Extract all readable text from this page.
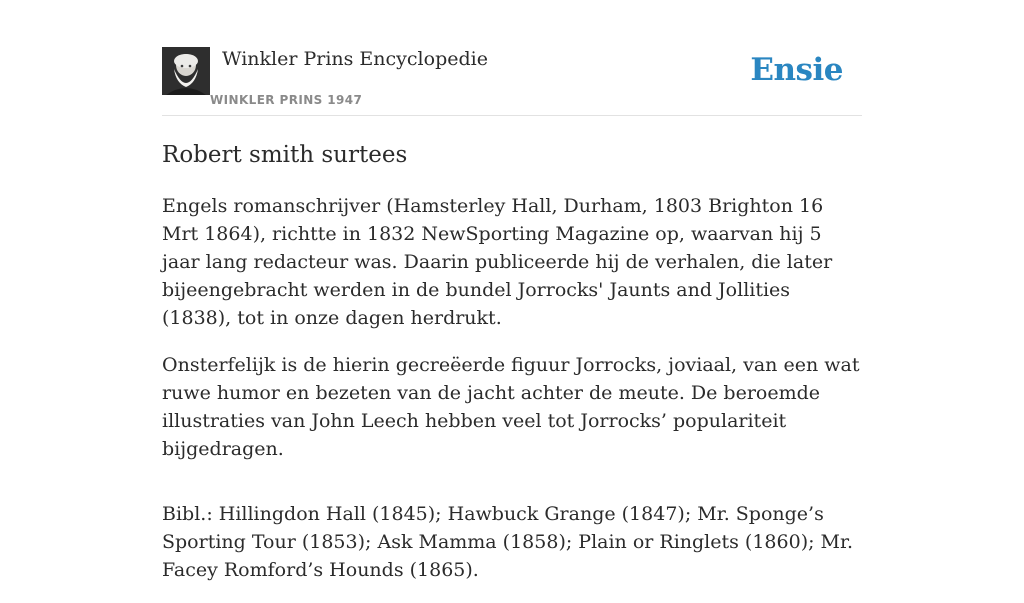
Winkler Prins Encyclopedie
WINKLER PRINS 1947
Ensie
Robert smith surtees

Engels romanschrijver (Hamsterley Hall, Durham, 1803 Brighton 16 Mrt 1864), richtte in 1832 NewSporting Magazine op, waarvan hij 5 jaar lang redacteur was. Daarin publiceerde hij de verhalen, die later bijeengebracht werden in de bundel Jorrocks' Jaunts and Jollities (1838), tot in onze dagen herdrukt.

Onsterfelijk is de hierin gecreëerde figuur Jorrocks, joviaal, van een wat ruwe humor en bezeten van de jacht achter de meute. De beroemde illustraties van John Leech hebben veel tot Jorrocks’ populariteit bijgedragen.

Bibl.: Hillingdon Hall (1845); Hawbuck Grange (1847); Mr. Sponge’s Sporting Tour (1853); Ask Mamma (1858); Plain or Ringlets (1860); Mr. Facey Romford’s Hounds (1865).
